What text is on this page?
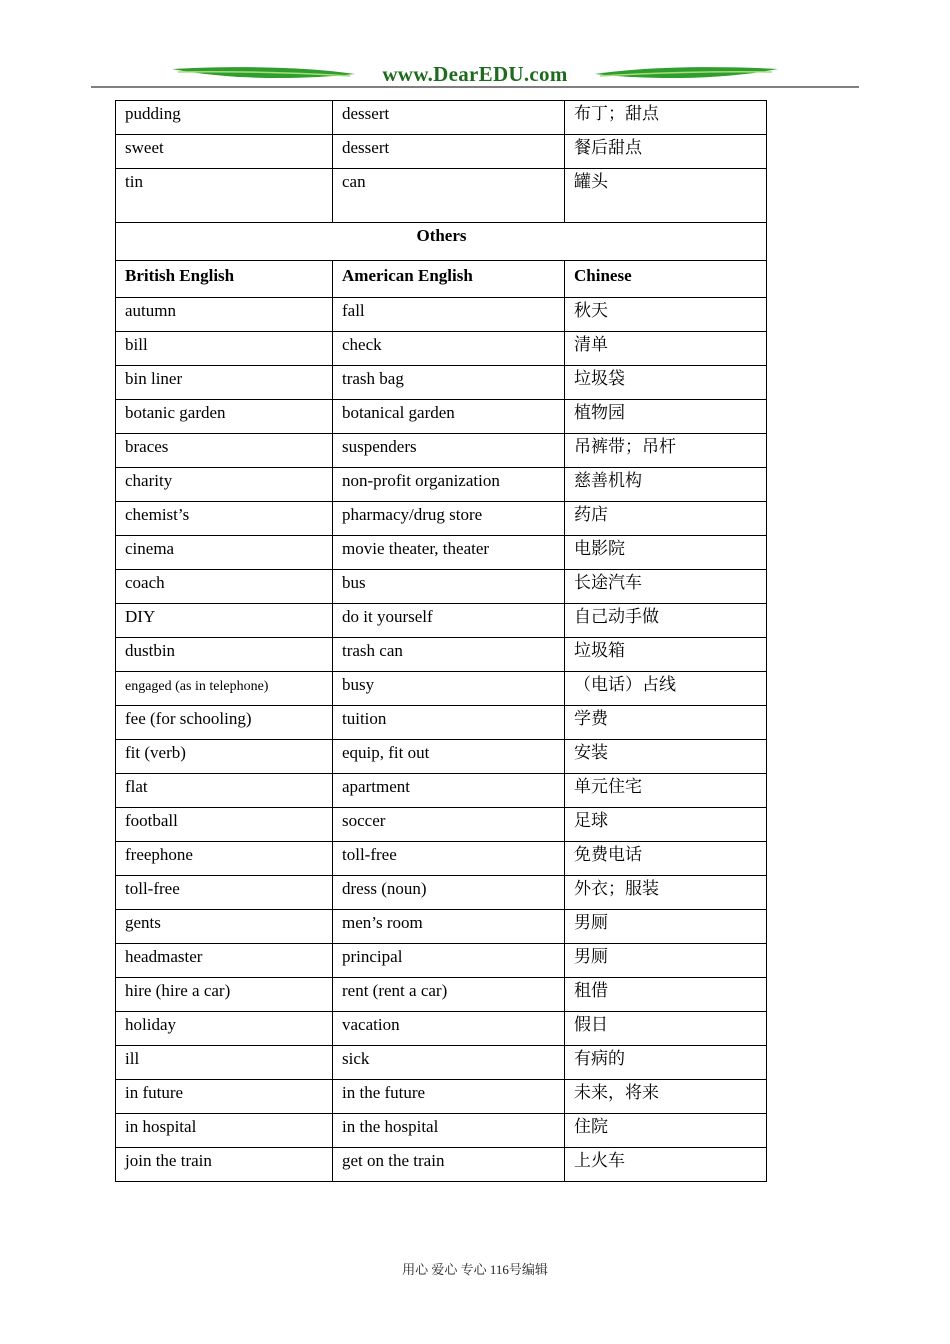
www.DearEDU.com
pudding	dessert	布丁；甜点
sweet	dessert	餐后甜点
tin	can	罐头
Others		
British English	American English	Chinese
autumn	fall	秋天
bill	check	清单
bin liner	trash bag	垃圾袋
botanic garden	botanical garden	植物园
braces	suspenders	吊裤带；吊杆
charity	non-profit organization	慈善机构
chemist’s	pharmacy/drug store	药店
cinema	movie theater, theater	电影院
coach	bus	长途汽车
DIY	do it yourself	自己动手做
dustbin	trash can	垃圾箱
engaged (as in telephone)	busy	（电话）占线
fee (for schooling)	tuition	学费
fit (verb)	equip, fit out	安装
flat	apartment	单元住宅
football	soccer	足球
freephone	toll-free	免费电话
toll-free	dress (noun)	外衣；服装
gents	men’s room	男厕
headmaster	principal	男厕
hire (hire a car)	rent (rent a car)	租借
holiday	vacation	假日
ill	sick	有病的
in future	in the future	未来，将来
in hospital	in the hospital	住院
join the train	get on the train	上火车
用心 爱心 专心 116号编辑
